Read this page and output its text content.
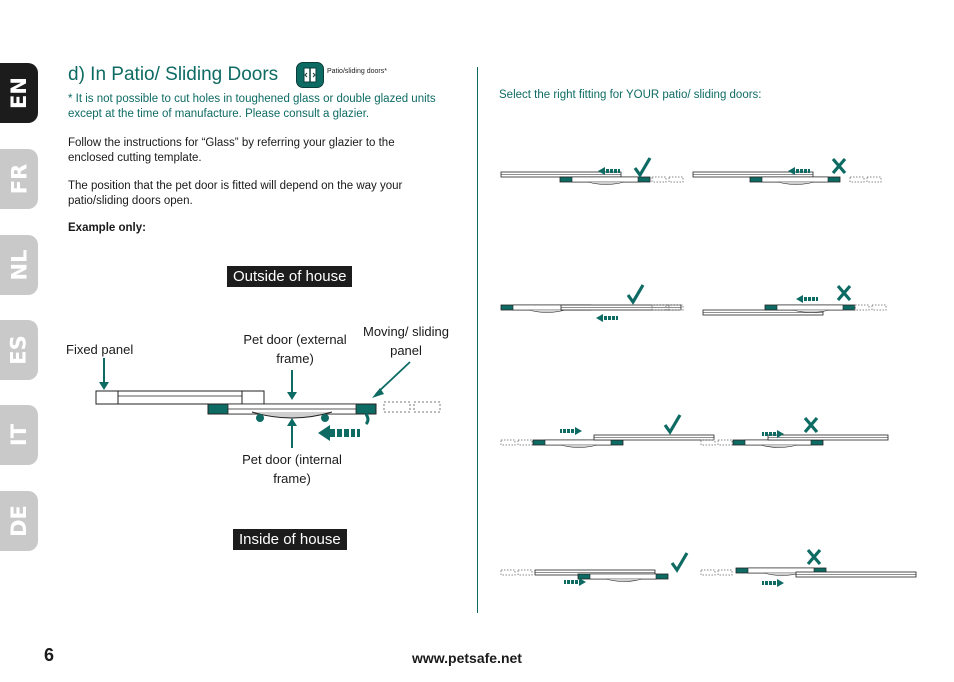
EN
FR
NL
ES
IT
DE
d) In Patio/ Sliding Doors	Patio/sliding doors*
* It is not possible to cut holes in toughened glass or double glazed units except at the time of manufacture. Please consult a glazier.
Follow the instructions for “Glass” by referring your glazier to the enclosed cutting template.
The position that the pet door is fitted will depend on the way your patio/sliding doors open.
Example only:
Outside of house
Inside of house
Fixed panel
Pet door (external frame)
Moving/ sliding panel
Pet door (internal frame)
Select the right fitting for YOUR patio/ sliding doors:
6	www.petsafe.net
